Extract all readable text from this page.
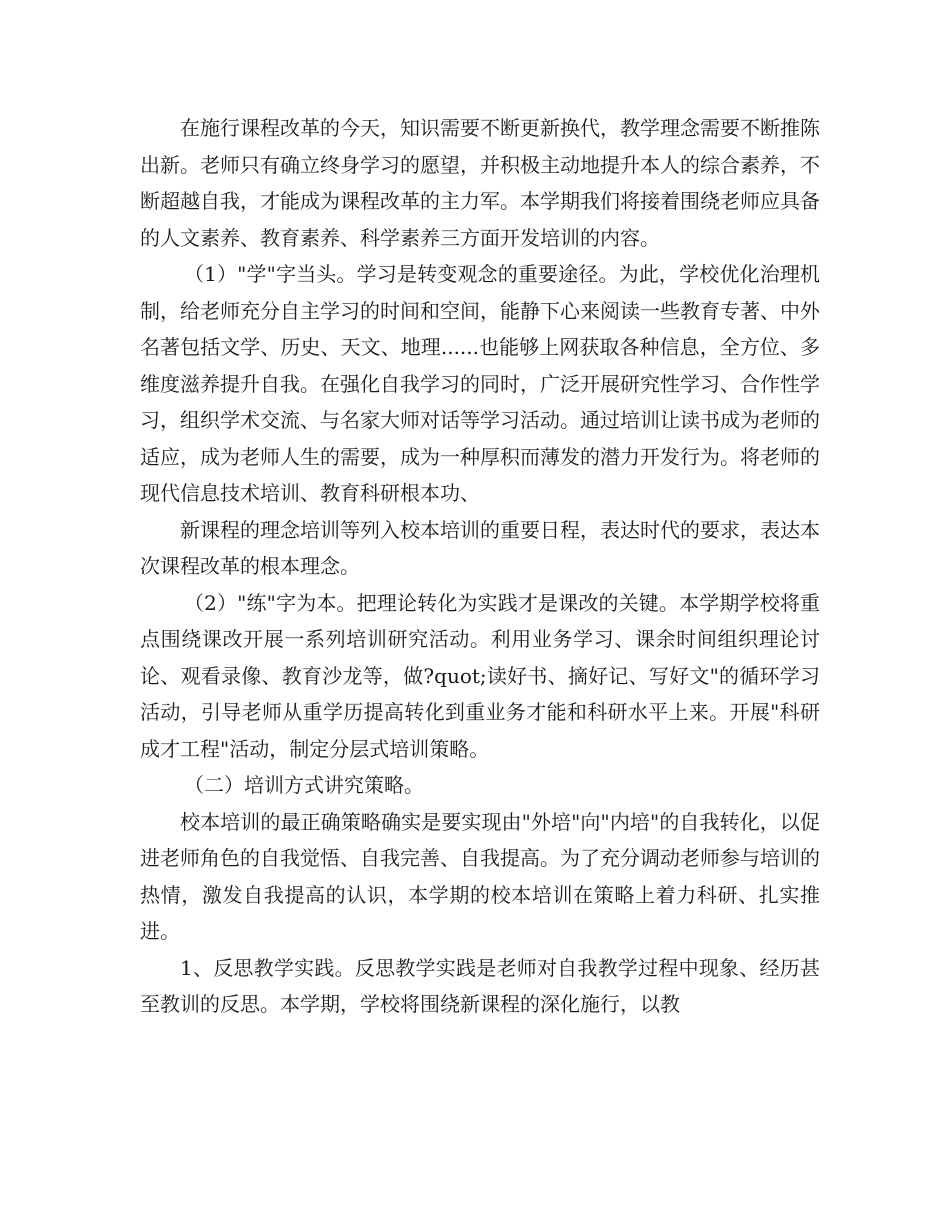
在施行课程改革的今天，知识需要不断更新换代，教学理念需要不断推陈出新。老师只有确立终身学习的愿望，并积极主动地提升本人的综合素养，不断超越自我，才能成为课程改革的主力军。本学期我们将接着围绕老师应具备的人文素养、教育素养、科学素养三方面开发培训的内容。

（1）"学"字当头。学习是转变观念的重要途径。为此，学校优化治理机制，给老师充分自主学习的时间和空间，能静下心来阅读一些教育专著、中外名著包括文学、历史、天文、地理......也能够上网获取各种信息，全方位、多维度滋养提升自我。在强化自我学习的同时，广泛开展研究性学习、合作性学习，组织学术交流、与名家大师对话等学习活动。通过培训让读书成为老师的适应，成为老师人生的需要，成为一种厚积而薄发的潜力开发行为。将老师的现代信息技术培训、教育科研根本功、

新课程的理念培训等列入校本培训的重要日程，表达时代的要求，表达本次课程改革的根本理念。

（2）"练"字为本。把理论转化为实践才是课改的关键。本学期学校将重点围绕课改开展一系列培训研究活动。利用业务学习、课余时间组织理论讨论、观看录像、教育沙龙等，做?quot;读好书、摘好记、写好文"的循环学习活动，引导老师从重学历提高转化到重业务才能和科研水平上来。开展"科研成才工程"活动，制定分层式培训策略。

（二）培训方式讲究策略。

校本培训的最正确策略确实是要实现由"外培"向"内培"的自我转化，以促进老师角色的自我觉悟、自我完善、自我提高。为了充分调动老师参与培训的热情，激发自我提高的认识，本学期的校本培训在策略上着力科研、扎实推进。

1、反思教学实践。反思教学实践是老师对自我教学过程中现象、经历甚至教训的反思。本学期，学校将围绕新课程的深化施行，以教
